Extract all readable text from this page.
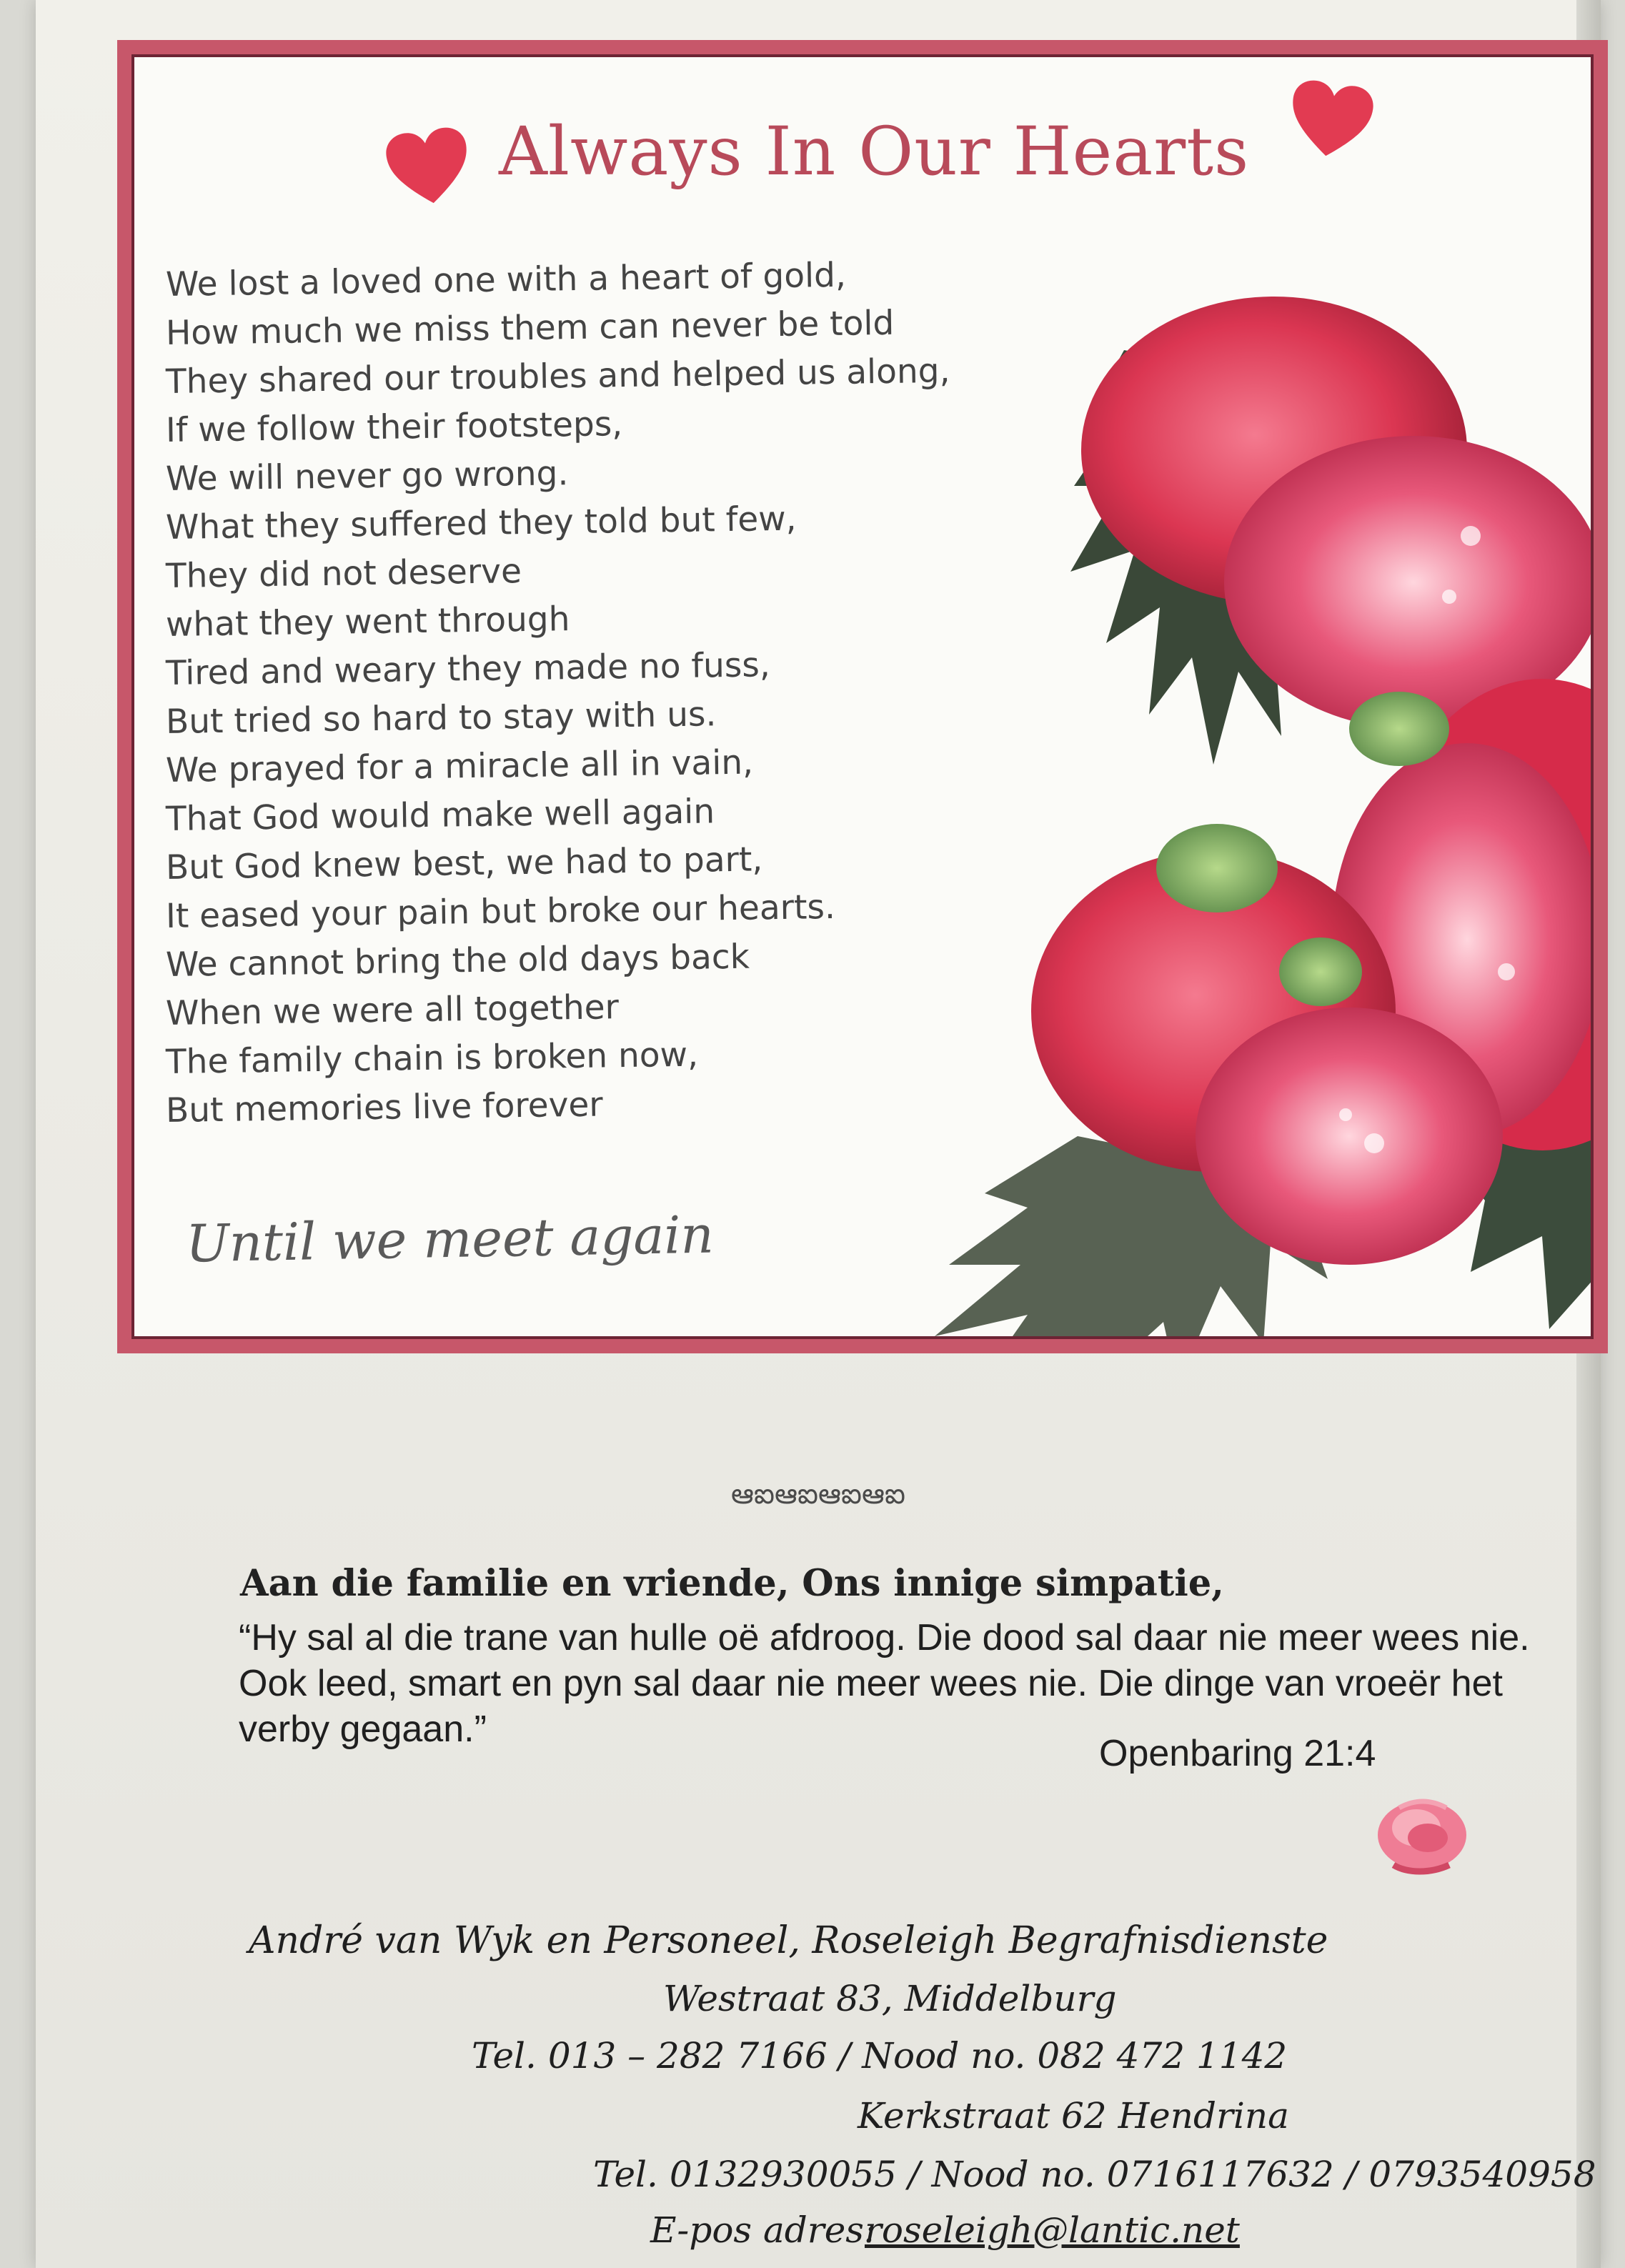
Always In Our Hearts

We lost a loved one with a heart of gold,

How much we miss them can never be told

They shared our troubles and helped us along,

If we follow their footsteps,

We will never go wrong.

What they suffered they told but few,

They did not deserve

what they went through

Tired and weary they made no fuss,

But tried so hard to stay with us.

We prayed for a miracle all in vain,

That God would make well again

But God knew best, we had to part,

It eased your pain but broke our hearts.

We cannot bring the old days back

When we were all together

The family chain is broken now,

But memories live forever

Until we meet again

ఆఐఆఐఆఐఆఐ

Aan die familie en vriende, Ons innige simpatie,

“Hy sal al die trane van hulle oë afdroog. Die dood sal daar nie meer wees nie.
Ook leed, smart en pyn sal daar nie meer wees nie. Die dinge van vroeër het
verby gegaan.”

Openbaring 21:4

André van Wyk en Personeel, Roseleigh Begrafnisdienste

Westraat 83, Middelburg

Tel. 013 – 282 7166 / Nood no. 082 472 1142

Kerkstraat 62 Hendrina

Tel. 0132930055 / Nood no. 0716117632 / 0793540958

E-pos adres:

roseleigh@lantic.net
